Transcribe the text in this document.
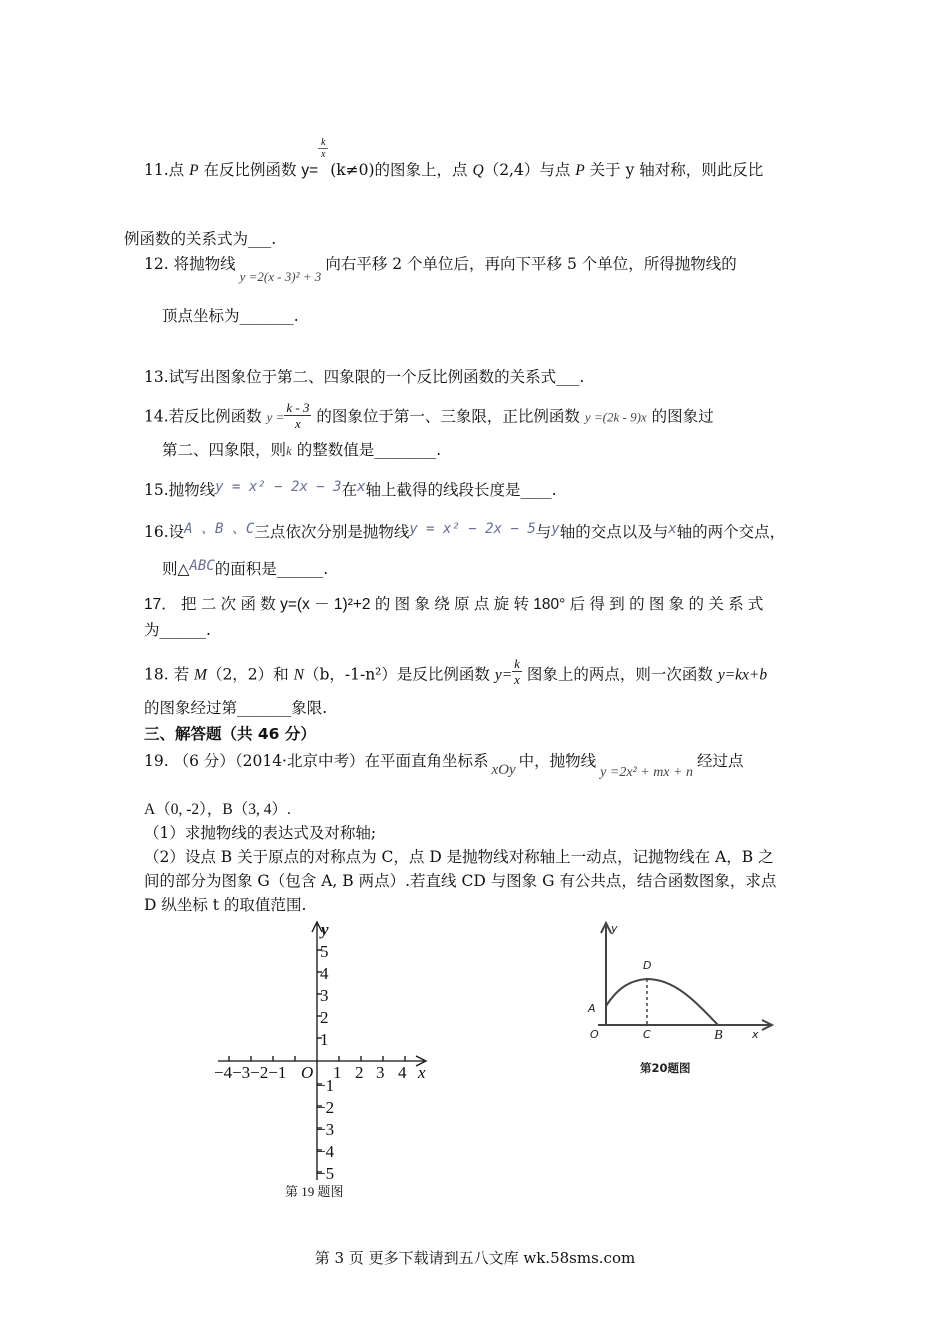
11.点 P 在反比例函数 y=
k
x
(k≠0)的图象上，点 Q（2,4）与点 P 关于 y 轴对称，则此反比
例函数的关系式为___.
12. 将抛物线$_{y =2(x - 3)^2 + 3}$向右平移 2 个单位后，再向下平移 5 个单位，所得抛物线的
顶点坐标为_______.
13.试写出图象位于第二、四象限的一个反比例函数的关系式___.
14.若反比例函数 $y = \frac{k - 3}{x}$ 的图象位于第一、三象限，正比例函数 y =(2k - 9)x 的图象过
第二、四象限，则k 的整数值是________.
15.抛物线y = x² − 2x − 3在x轴上截得的线段长度是____.
16.设A 、B 、C三点依次分别是抛物线y = x² − 2x − 5与y轴的交点以及与x轴的两个交点，
则△ABC的面积是______.
17． 把 二 次 函 数 y=(x － 1)²+2 的 图 象 绕 原 点 旋 转 180° 后 得 到 的 图 象 的 关 系 式
为______.
18. 若 M（2，2）和 N（b，-1-n²）是反比例函数 $y= \frac{k}{x}$ 图象上的两点，则一次函数 y=kx+b
的图象经过第_______象限.
三、解答题（共 46 分）
19. （6 分）（2014·北京中考）在平面直角坐标系 xOy 中，抛物线y =2x² + mx + n经过点
A（0, -2），B（3, 4）.
（1）求抛物线的表达式及对称轴;
（2）设点 B 关于原点的对称点为 C，点 D 是抛物线对称轴上一动点，记抛物线在 A，B 之
间的部分为图象 G（包含 A, B 两点）.若直线 CD 与图象 G 有公共点，结合函数图象，求点
D 纵坐标 t 的取值范围.
y
5
4
3
2
1
−4−3−2−1 O 1 2 3 4 x
−1
−2
−3
−4
−5
第 19 题图
y
A
D
O	C	x
B
第20题图
第 3 页 更多下载请到五八文库 wk.58sms.com
